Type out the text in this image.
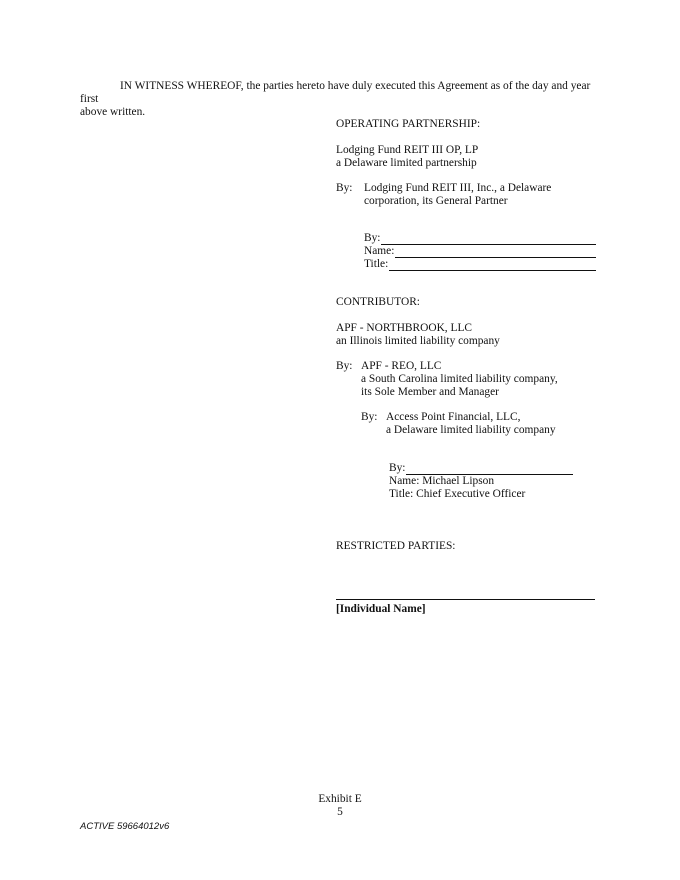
IN WITNESS WHEREOF, the parties hereto have duly executed this Agreement as of the day and year first
above written.

OPERATING PARTNERSHIP:
Lodging Fund REIT III OP, LP
a Delaware limited partnership
By: Lodging Fund REIT III, Inc., a Delaware
corporation, its General Partner
By:
Name:
Title:
CONTRIBUTOR:
APF - NORTHBROOK, LLC
an Illinois limited liability company
By: APF - REO, LLC
a South Carolina limited liability company,
its Sole Member and Manager
By: Access Point Financial, LLC,
a Delaware limited liability company
By:
Name: Michael Lipson
Title: Chief Executive Officer
RESTRICTED PARTIES:
[Individual Name]
Exhibit E
5
ACTIVE 59664012v6
